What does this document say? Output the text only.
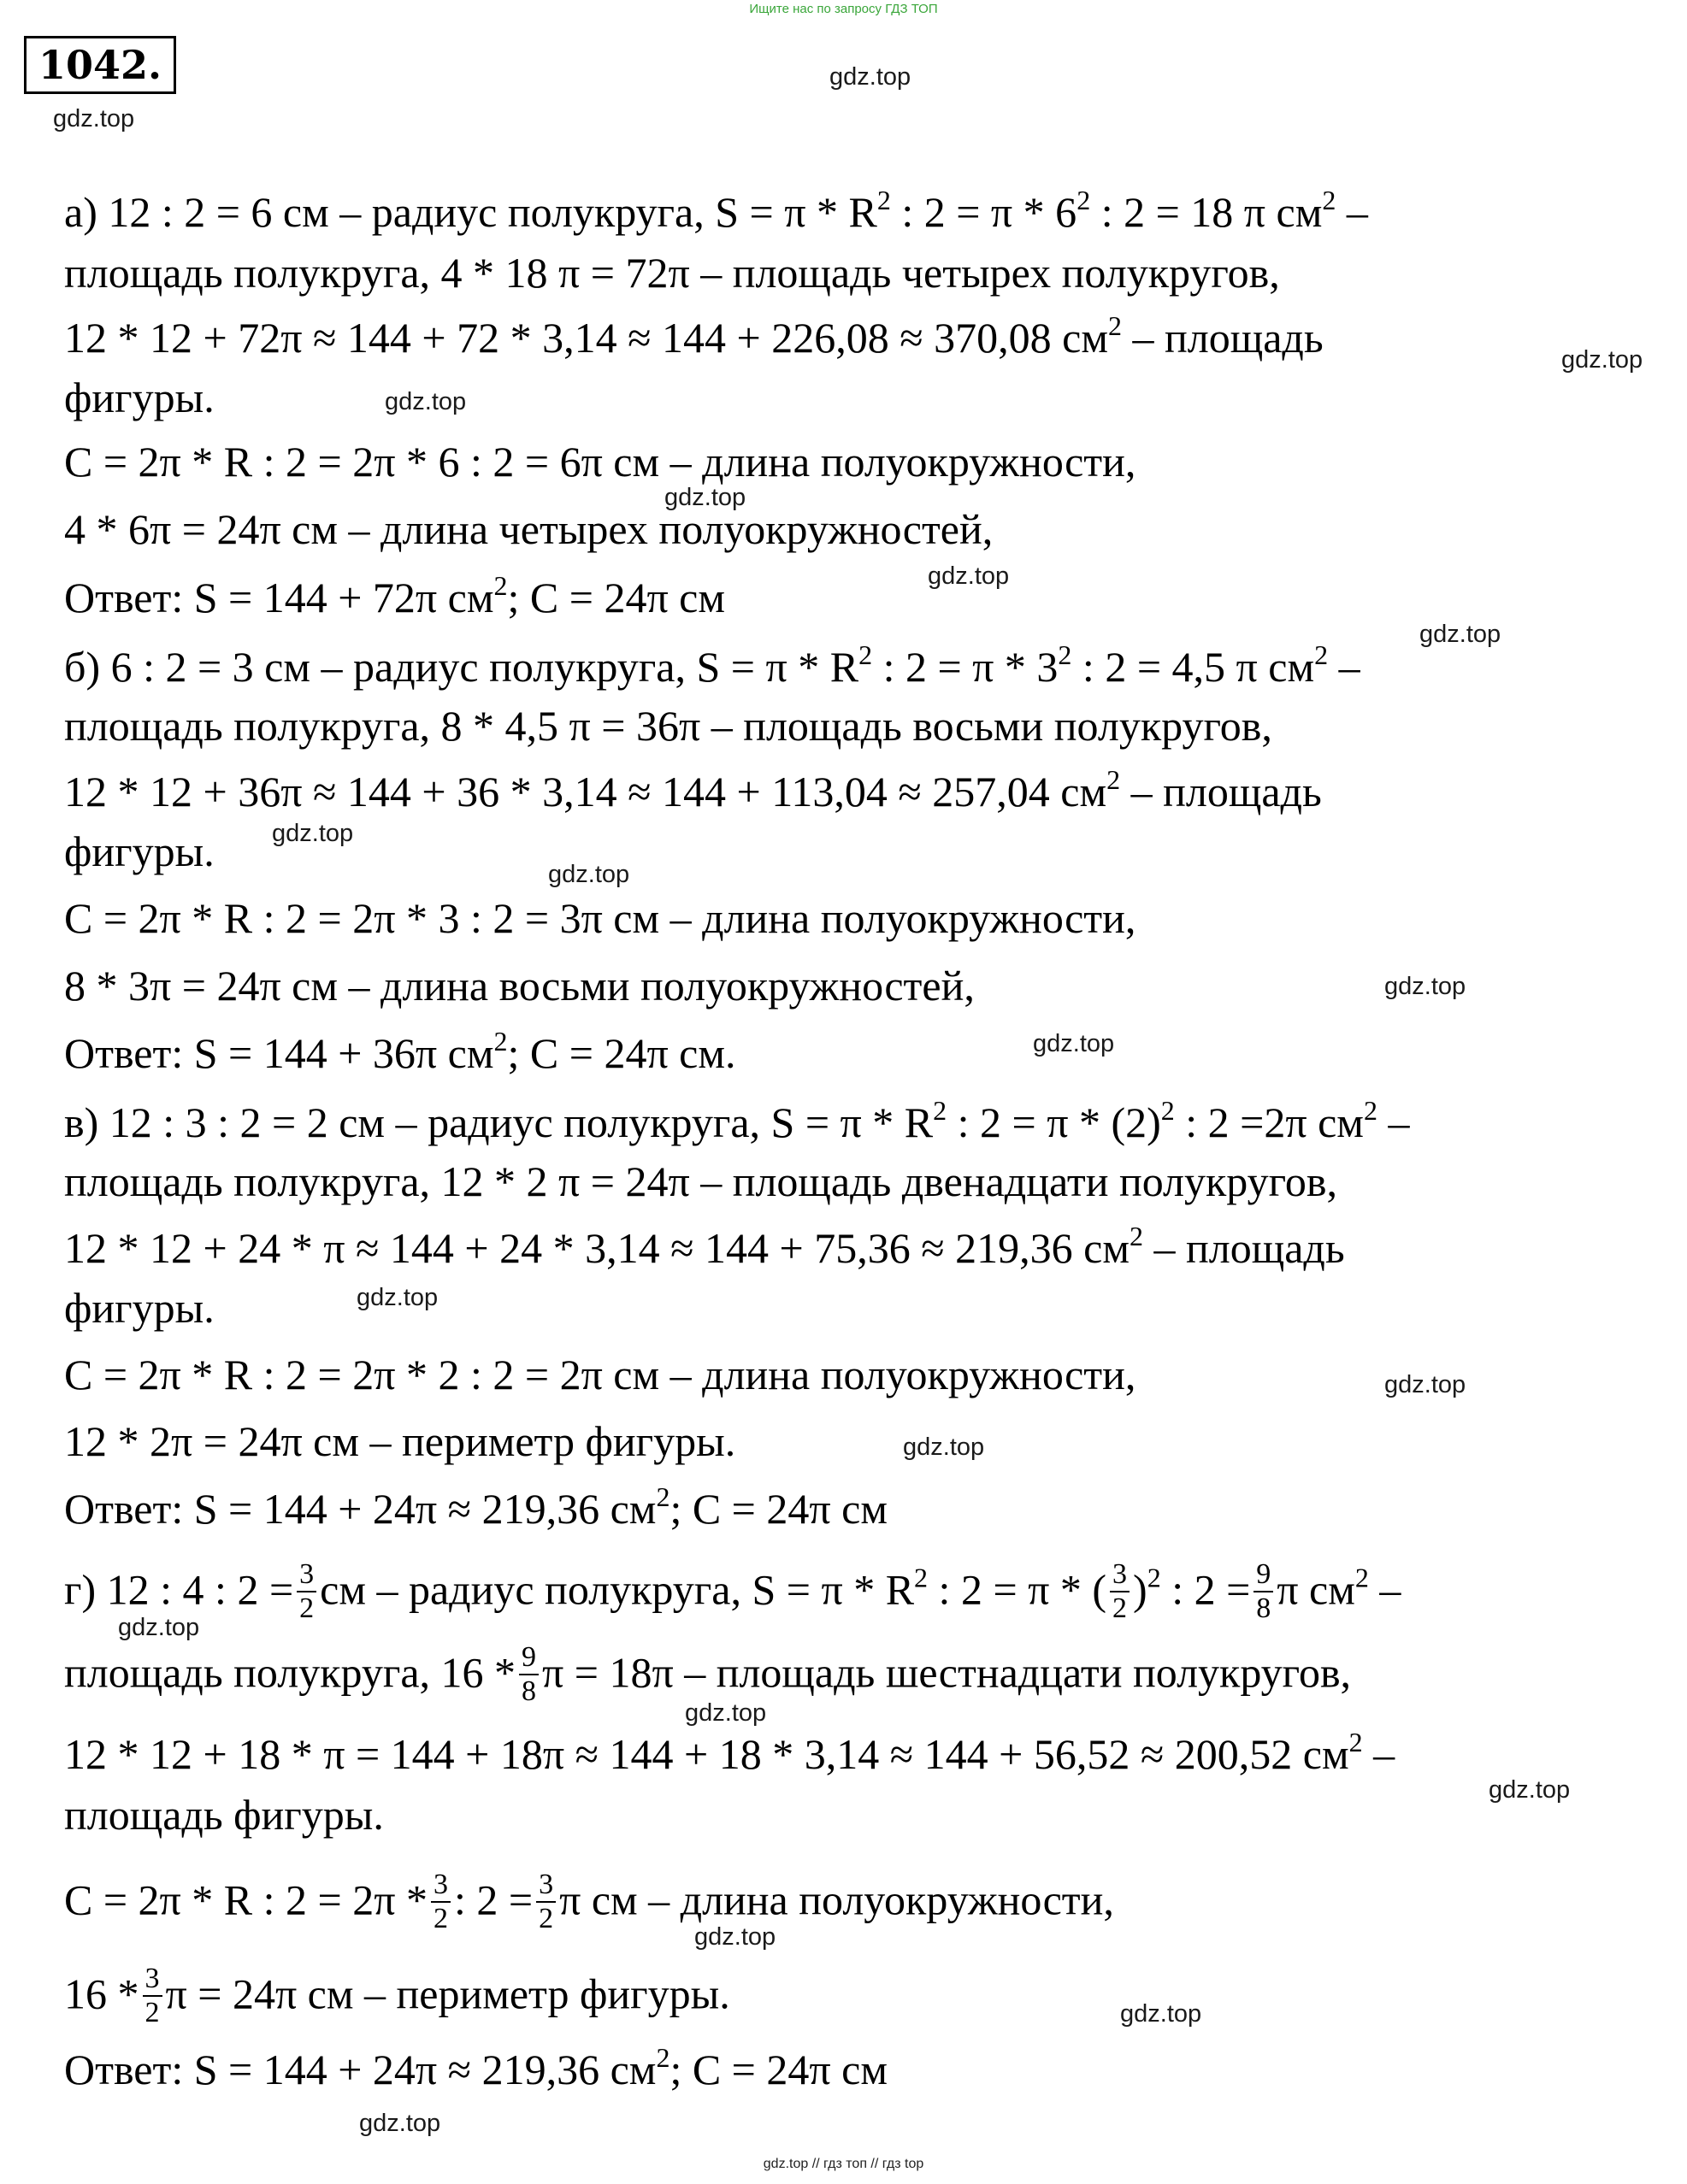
Ищите нас по запросу ГДЗ ТОП
1042.	gdz.top
gdz.top
gdz.top
gdz.top
gdz.top
gdz.top
gdz.top
gdz.top
gdz.top
gdz.top
gdz.top
gdz.top
gdz.top
gdz.top
gdz.top
gdz.top
gdz.top
gdz.top
gdz.top
gdz.top
а) 12 : 2 = 6 см – радиус полукруга, $S = \pi * R^2$ : $2 = \pi * 6^2$ : 2 = 18 π $см^2$ –
площадь полукруга, 4 * 18 π = 72π – площадь четырех полукругов,
12 * 12 + 72π ≈ 144 + 72 * 3,14 ≈ 144 + 226,08 ≈ 370,08 $см^2$ – площадь
фигуры.
C = 2π * R : 2 = 2π * 6 : 2 = 6π см – длина полуокружности,
4 * 6π = 24π см – длина четырех полуокружностей,
Ответ: S = 144 + 72π $см^2$; C = 24π см
б) 6 : 2 = 3 см – радиус полукруга, $S = \pi * R^2$ : $2 = \pi * 3^2$ : 2 = 4,5 π $см^2$ –
площадь полукруга, 8 * 4,5 π = 36π – площадь восьми полукругов,
12 * 12 + 36π ≈ 144 + 36 * 3,14 ≈ 144 + 113,04 ≈ 257,04 $см^2$ – площадь
фигуры.
C = 2π * R : 2 = 2π * 3 : 2 = 3π см – длина полуокружности,
8 * 3π = 24π см – длина восьми полуокружностей,
Ответ: S = 144 + 36π $см^2$; C = 24π см.
в) 12 : 3 : 2 = 2 см – радиус полукруга, $S = \pi * R^2$ : $2 = \pi * (2)^2$ : 2 =2π $см^2$ –
площадь полукруга, 12 * 2 π = 24π – площадь двенадцати полукругов,
12 * 12 + 24 * π ≈ 144 + 24 * 3,14 ≈ 144 + 75,36 ≈ 219,36 $см^2$ – площадь
фигуры.
C = 2π * R : 2 = 2π * 2 : 2 = 2π см – длина полуокружности,
12 * 2π = 24π см – периметр фигуры.
Ответ: S = 144 + 24π ≈ 219,36 $см^2$; C = 24π см
г) 12 : 4 : $2 = \frac{3}{2}$ см – радиус полукруга, $S = \pi * R^2$ : 2 = π * ( $\frac{3}{2} )^2$ : $2 = \frac{9}{8}$ π $см^2$ –
площадь полукруга, $16 * \frac{9}{8}$ π = 18π – площадь шестнадцати полукругов,
12 * 12 + 18 * π = 144 + 18π ≈ 144 + 18 * 3,14 ≈ 144 + 56,52 ≈ 200,52 $см^2$ –
площадь фигуры.
C = 2π * R : $2 = 2\pi * \frac{3}{2}$ : $2 = \frac{3}{2}$ π см – длина полуокружности,
$16 * \frac{3}{2}$ π = 24π см – периметр фигуры.
Ответ: S = 144 + 24π ≈ 219,36 $см^2$; C = 24π см
gdz.top // гдз топ // гдз top
